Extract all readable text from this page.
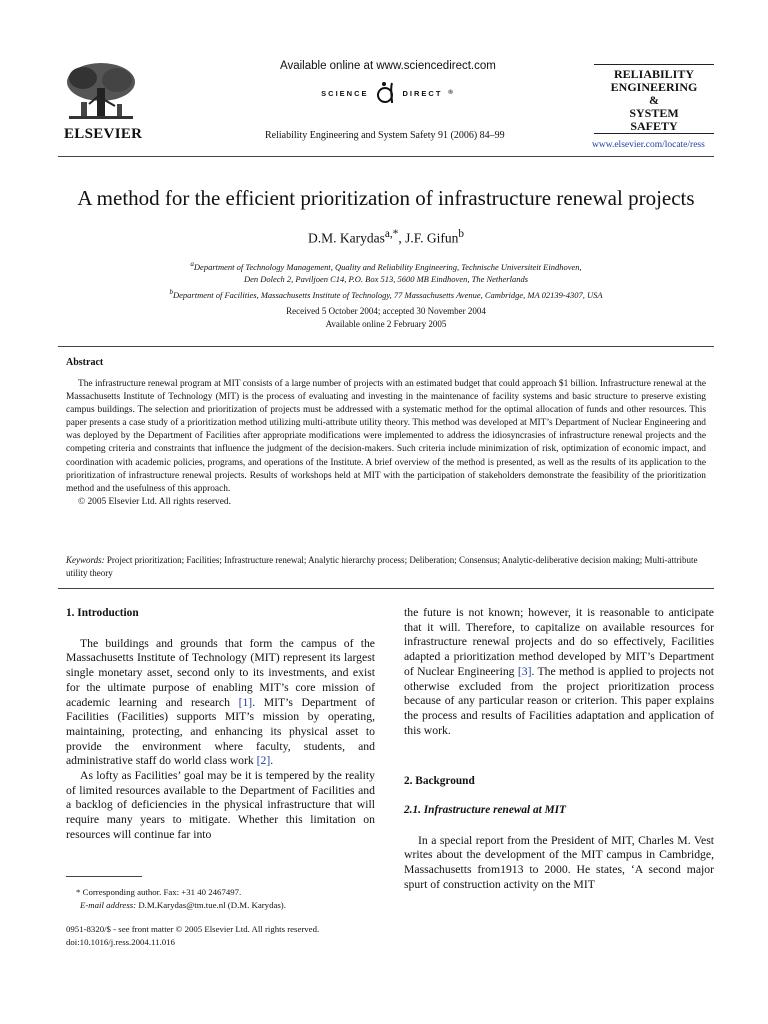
ELSEVIER
Available online at www.sciencedirect.com
SCIENCE	DIRECT ®
Reliability Engineering and System Safety 91 (2006) 84–99
RELIABILITY
ENGINEERING
&
SYSTEM
SAFETY
www.elsevier.com/locate/ress
A method for the efficient prioritization of infrastructure renewal projects
D.M. Karydas$^{a,*}$, J.F. Gifun$^b$
$^a$Department of Technology Management, Quality and Reliability Engineering, Technische Universiteit Eindhoven,
Den Dolech 2, Paviljoen C14, P.O. Box 513, 5600 MB Eindhoven, The Netherlands
$^b$Department of Facilities, Massachusetts Institute of Technology, 77 Massachusetts Avenue, Cambridge, MA 02139-4307, USA
Received 5 October 2004; accepted 30 November 2004
Available online 2 February 2005
Abstract

The infrastructure renewal program at MIT consists of a large number of projects with an estimated budget that could approach $1 billion. Infrastructure renewal at the Massachusetts Institute of Technology (MIT) is the process of evaluating and investing in the maintenance of facility systems and basic structure to preserve existing campus buildings. The selection and prioritization of projects must be addressed with a systematic method for the optimal allocation of funds and other resources. This paper presents a case study of a prioritization method utilizing multi-attribute utility theory. This method was developed at MIT’s Department of Nuclear Engineering and was deployed by the Department of Facilities after appropriate modifications were implemented to address the idiosyncrasies of infrastructure renewal projects and the competing criteria and constraints that influence the judgment of the decision-makers. Such criteria include minimization of risk, optimization of economic impact, and coordination with academic policies, programs, and operations of the Institute. A brief overview of the method is presented, as well as the results of its application to the prioritization of infrastructure renewal projects. Results of workshops held at MIT with the participation of stakeholders demonstrate the feasibility of the prioritization method and the usefulness of this approach.

© 2005 Elsevier Ltd. All rights reserved.

Keywords: Project prioritization; Facilities; Infrastructure renewal; Analytic hierarchy process; Deliberation; Consensus; Analytic-deliberative decision making; Multi-attribute utility theory
1. Introduction

The buildings and grounds that form the campus of the Massachusetts Institute of Technology (MIT) represent its largest single monetary asset, second only to its investments, and exist for the ultimate purpose of enabling MIT’s core mission of academic learning and research [1]. MIT’s Department of Facilities (Facilities) supports MIT’s mission by operating, maintaining, protecting, and enhancing its physical asset to provide the environment where faculty, students, and administrative staff do world class work [2].

As lofty as Facilities’ goal may be it is tempered by the reality of limited resources available to the Department of Facilities and a backlog of deficiencies in the physical infrastructure that will require many years to mitigate. Whether this limitation on resources will continue far into

* Corresponding author. Fax: +31 40 2467497.
E-mail address: D.M.Karydas@tm.tue.nl (D.M. Karydas).
0951-8320/$ - see front matter © 2005 Elsevier Ltd. All rights reserved.
doi:10.1016/j.ress.2004.11.016

the future is not known; however, it is reasonable to anticipate that it will. Therefore, to capitalize on available resources for infrastructure renewal projects and do so effectively, Facilities adapted a prioritization method developed by MIT’s Department of Nuclear Engineering [3]. The method is applied to projects not otherwise excluded from the project prioritization process because of any particular reason or criterion. This paper explains the process and results of Facilities adaptation and application of this work.

2. Background
2.1. Infrastructure renewal at MIT

In a special report from the President of MIT, Charles M. Vest writes about the development of the MIT campus in Cambridge, Massachusetts from1913 to 2000. He states, ‘A second major spurt of construction activity on the MIT
